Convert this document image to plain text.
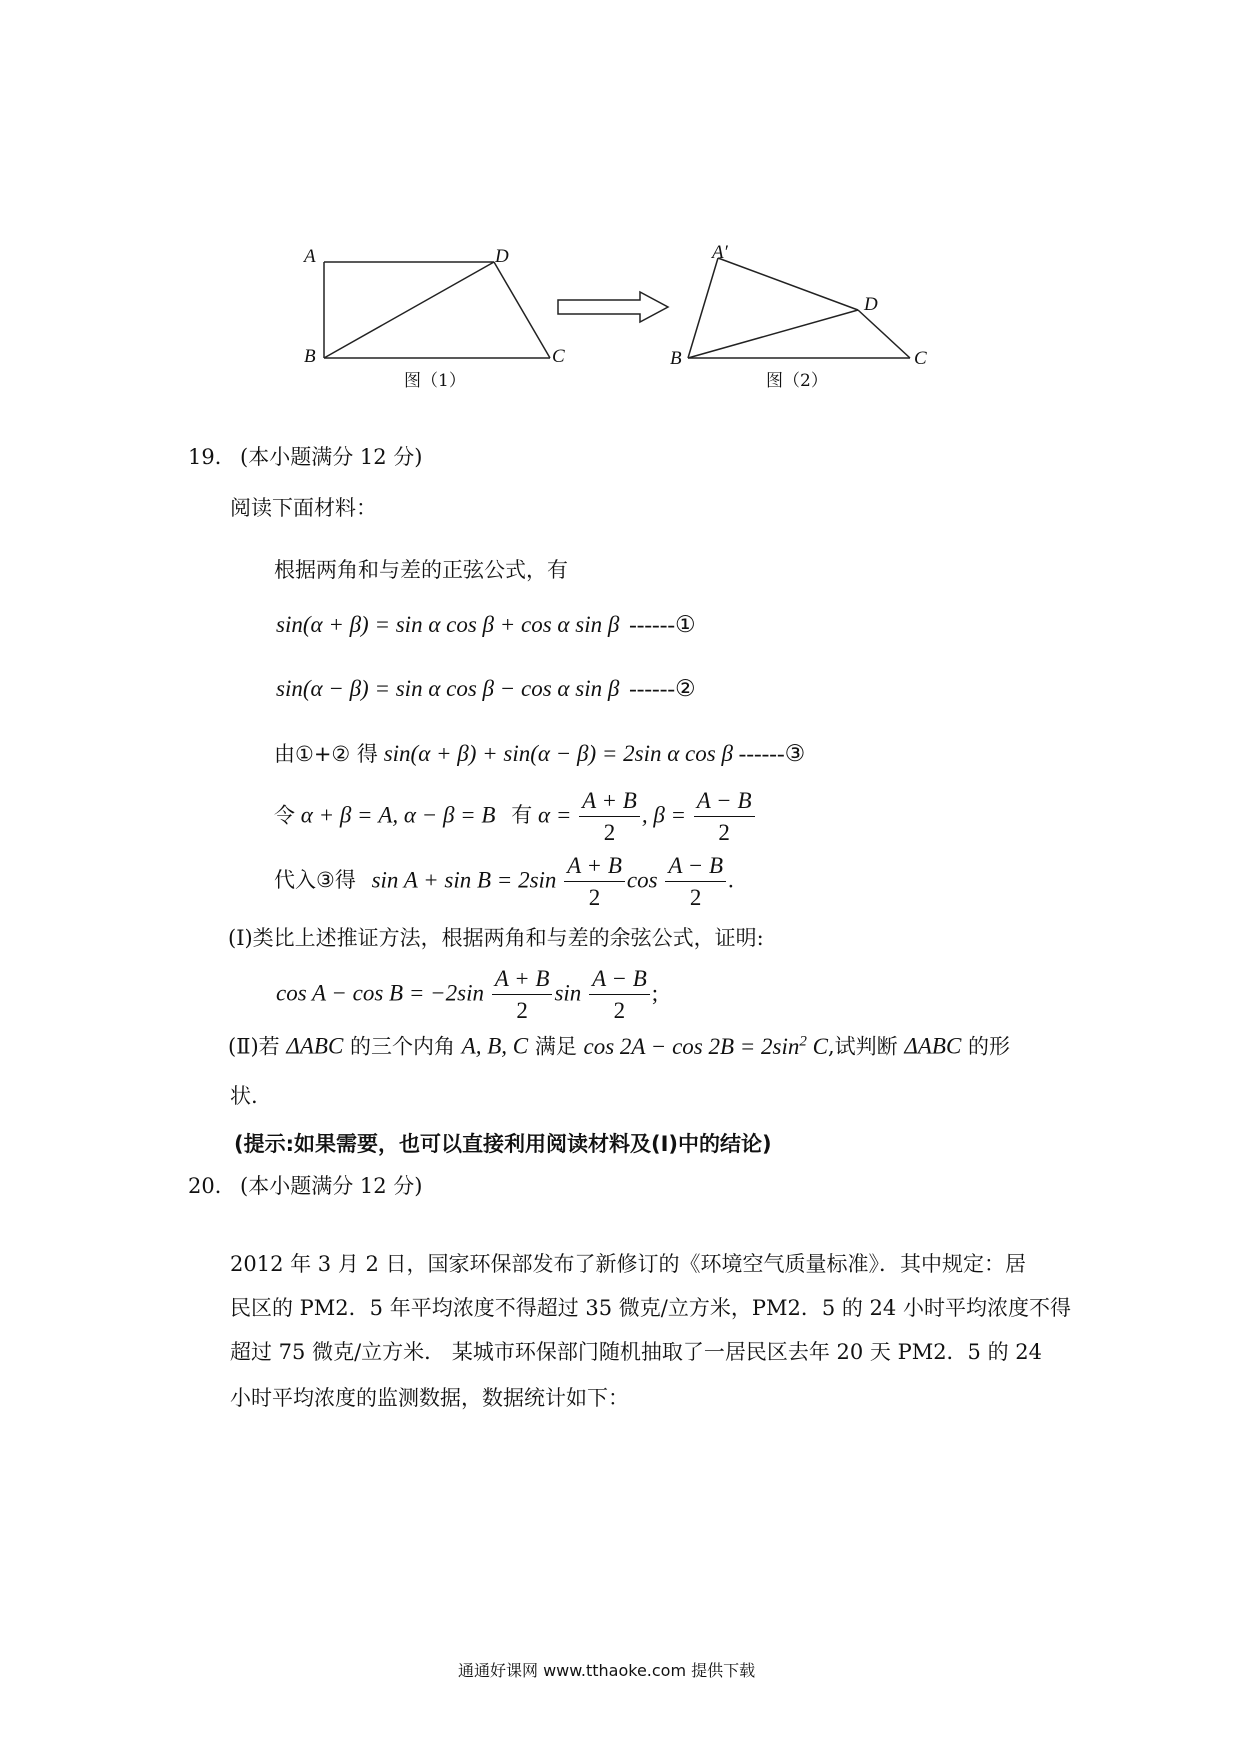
A	D
B	C
图（1）
A′
D
B	C
图（2）
19． (本小题满分 12 分)
阅读下面材料：
根据两角和与差的正弦公式，有
sin(α + β) = sin α cos β + cos α sin β ------①
sin(α − β) = sin α cos β − cos α sin β ------②
由①+② 得 sin(α + β) + sin(α − β) = 2sin α cos β ------③
令 α + β = A, α − β = B 有 $\alpha = \frac{A + B}{2}$ , $\beta = \frac{A - B}{2}$
代入③得 $\sin A + \sin B = 2\sin \frac{A + B}{2}$ $\cos \frac{A - B}{2}$ .
(Ⅰ)类比上述推证方法，根据两角和与差的余弦公式，证明:
$\cos A - \cos B = -2\sin \frac{A + B}{2}$ $\sin \frac{A - B}{2}$ ;
(Ⅱ)若 ΔABC 的三个内角 A, B, C 满足 $\cos 2A - \cos 2B = 2\sin^2$ C,试判断 ΔABC 的形
状.
(提示:如果需要，也可以直接利用阅读材料及(Ⅰ)中的结论)
20． (本小题满分 12 分)
2012 年 3 月 2 日，国家环保部发布了新修订的《环境空气质量标准》．其中规定：居
民区的 PM2．5 年平均浓度不得超过 35 微克/立方米，PM2．5 的 24 小时平均浓度不得
超过 75 微克/立方米． 某城市环保部门随机抽取了一居民区去年 20 天 PM2．5 的 24
小时平均浓度的监测数据，数据统计如下：
通通好课网 www.tthaoke.com 提供下载
